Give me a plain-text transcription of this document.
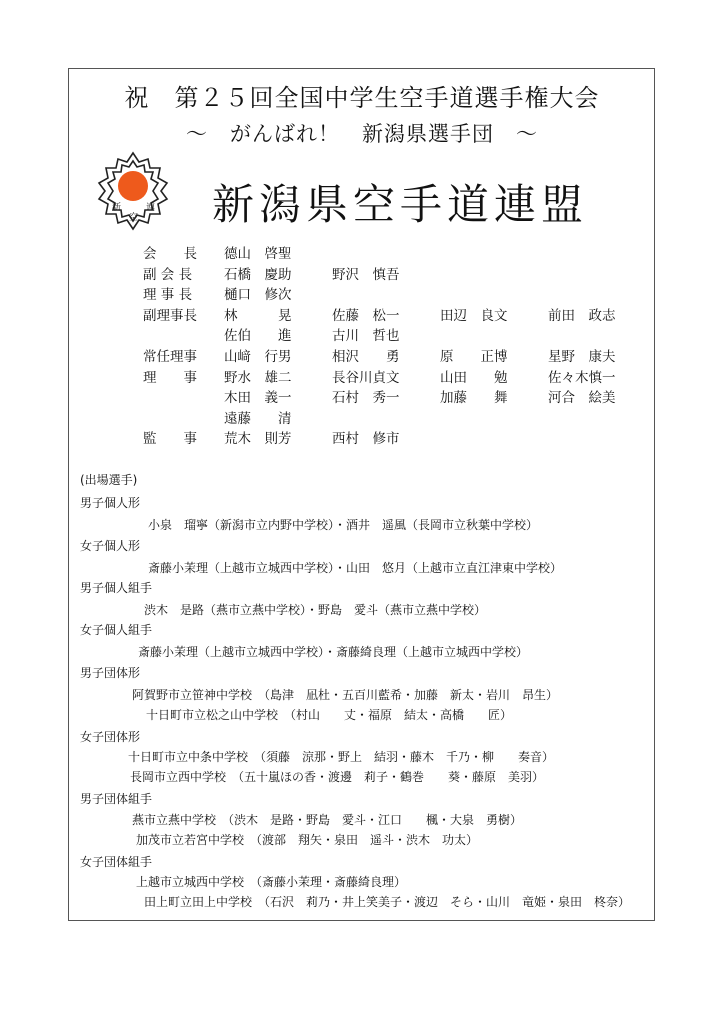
祝　第２５回全国中学生空手道選手権大会
～　がんばれ！　新潟県選手団　～
新
空
連 新潟県空手道連盟
会　　長 德山　啓聖
副 会 長 石橋　慶助	野沢　慎吾
理 事 長 樋口　修次
副理事長 林　　　晃	佐藤　松一	田辺　良文	前田　政志
佐伯　　進	古川　哲也
常任理事 山﨑　行男	相沢　　勇	原　　正博	星野　康夫
理　　事 野水　雄二	長谷川貞文	山田　　勉	佐々木慎一
木田　義一	石村　秀一	加藤　　舞	河合　絵美
遠藤　　清
監　　事 荒木　則芳	西村　修市
(出場選手)
男子個人形
小泉　瑠寧（新潟市立内野中学校）・酒井　遥風（長岡市立秋葉中学校）
女子個人形
斎藤小茉理（上越市立城西中学校）・山田　悠月（上越市立直江津東中学校）
男子個人組手
渋木　是路（燕市立燕中学校）・野島　愛斗（燕市立燕中学校）
女子個人組手
斎藤小茉理（上越市立城西中学校）・斎藤綺良理（上越市立城西中学校）
男子団体形
阿賀野市立笹神中学校　（島津　凪杜・五百川藍希・加藤　新太・岩川　昂生）
十日町市立松之山中学校　（村山　　丈・福原　結太・高橋　　匠）
女子団体形
十日町市立中条中学校　（須藤　涼那・野上　結羽・藤木　千乃・柳　　奏音）
長岡市立西中学校　（五十嵐ほの香・渡邊　莉子・鶴巻　　葵・藤原　美羽）
男子団体組手
燕市立燕中学校　（渋木　是路・野島　愛斗・江口　　楓・大泉　勇樹）
加茂市立若宮中学校　（渡部　翔矢・泉田　遥斗・渋木　功太）
女子団体組手
上越市立城西中学校　（斎藤小茉理・斎藤綺良理）
田上町立田上中学校　（石沢　莉乃・井上笑美子・渡辺　そら・山川　竜姫・泉田　柊奈）
